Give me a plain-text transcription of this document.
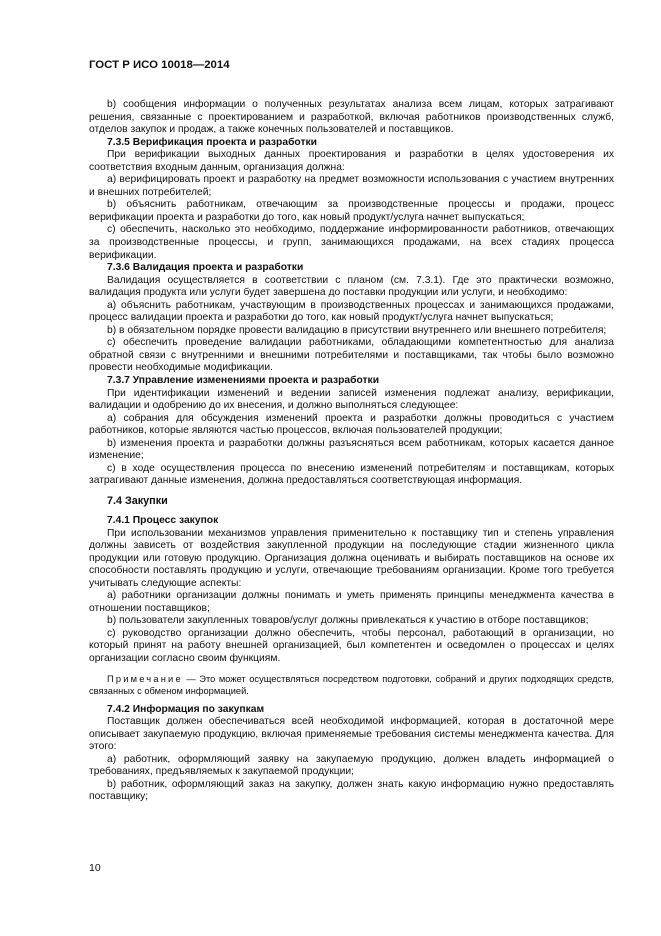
ГОСТ Р ИСО 10018—2014

b) сообщения информации о полученных результатах анализа всем лицам, которых затрагивают решения, связанные с проектированием и разработкой, включая работников производственных служб, отделов закупок и продаж, а также конечных пользователей и поставщиков.

7.3.5 Верификация проекта и разработки

При верификации выходных данных проектирования и разработки в целях удостоверения их соответствия входным данным, организация должна:

a) верифицировать проект и разработку на предмет возможности использования с участием внутренних и внешних потребителей;

b) объяснить работникам, отвечающим за производственные процессы и продажи, процесс верификации проекта и разработки до того, как новый продукт/услуга начнет выпускаться;

c) обеспечить, насколько это необходимо, поддержание информированности работников, отвечающих за производственные процессы, и групп, занимающихся продажами, на всех стадиях процесса верификации.

7.3.6 Валидация проекта и разработки

Валидация осуществляется в соответствии с планом (см. 7.3.1). Где это практически возможно, валидация продукта или услуги будет завершена до поставки продукции или услуги, и необходимо:

a) объяснить работникам, участвующим в производственных процессах и занимающихся продажами, процесс валидации проекта и разработки до того, как новый продукт/услуга начнет выпускаться;

b) в обязательном порядке провести валидацию в присутствии внутреннего или внешнего потребителя;

c) обеспечить проведение валидации работниками, обладающими компетентностью для анализа обратной связи с внутренними и внешними потребителями и поставщиками, так чтобы было возможно провести необходимые модификации.

7.3.7 Управление изменениями проекта и разработки

При идентификации изменений и ведении записей изменения подлежат анализу, верификации, валидации и одобрению до их внесения, и должно выполняться следующее:

a) собрания для обсуждения изменений проекта и разработки должны проводиться с участием работников, которые являются частью процессов, включая пользователей продукции;

b) изменения проекта и разработки должны разъясняться всем работникам, которых касается данное изменение;

c) в ходе осуществления процесса по внесению изменений потребителям и поставщикам, которых затрагивают данные изменения, должна предоставляться соответствующая информация.

7.4 Закупки
7.4.1 Процесс закупок

При использовании механизмов управления применительно к поставщику тип и степень управления должны зависеть от воздействия закупленной продукции на последующие стадии жизненного цикла продукции или готовую продукцию. Организация должна оценивать и выбирать поставщиков на основе их способности поставлять продукцию и услуги, отвечающие требованиям организации. Кроме того требуется учитывать следующие аспекты:

a) работники организации должны понимать и уметь применять принципы менеджмента качества в отношении поставщиков;

b) пользователи закупленных товаров/услуг должны привлекаться к участию в отборе поставщиков;

c) руководство организации должно обеспечить, чтобы персонал, работающий в организации, но который принят на работу внешней организацией, был компетентен и осведомлен о процессах и целях организации согласно своим функциям.

Примечание — Это может осуществляться посредством подготовки, собраний и других подходящих средств, связанных с обменом информацией.

7.4.2 Информация по закупкам

Поставщик должен обеспечиваться всей необходимой информацией, которая в достаточной мере описывает закупаемую продукцию, включая применяемые требования системы менеджмента качества. Для этого:

a) работник, оформляющий заявку на закупаемую продукцию, должен владеть информацией о требованиях, предъявляемых к закупаемой продукции;

b) работник, оформляющий заказ на закупку, должен знать какую информацию нужно предоставлять поставщику;

10
